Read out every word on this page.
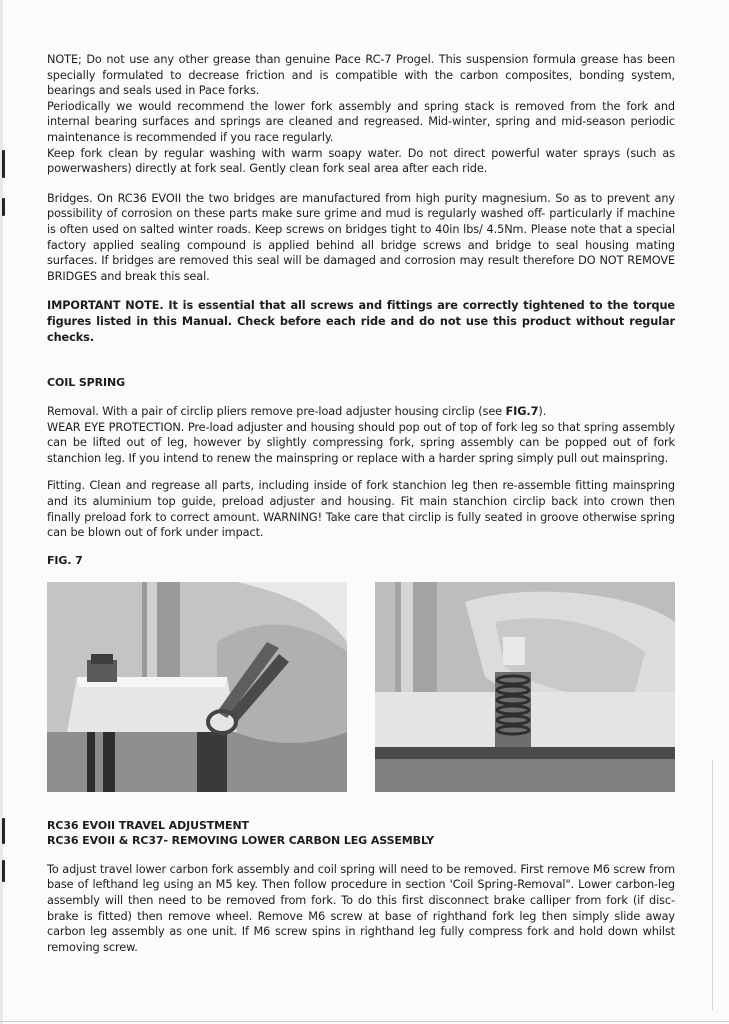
NOTE; Do not use any other grease than genuine Pace RC-7 Progel. This suspension formula grease has been specially formulated to decrease friction and is compatible with the carbon composites, bonding system, bearings and seals used in Pace forks.

Periodically we would recommend the lower fork assembly and spring stack is removed from the fork and internal bearing surfaces and springs are cleaned and regreased. Mid-winter, spring and mid-season periodic maintenance is recommended if you race regularly.

Keep fork clean by regular washing with warm soapy water. Do not direct powerful water sprays (such as powerwashers) directly at fork seal. Gently clean fork seal area after each ride.

Bridges. On RC36 EVOII the two bridges are manufactured from high purity magnesium. So as to prevent any possibility of corrosion on these parts make sure grime and mud is regularly washed off- particularly if machine is often used on salted winter roads. Keep screws on bridges tight to 40in lbs/ 4.5Nm. Please note that a special factory applied sealing compound is applied behind all bridge screws and bridge to seal housing mating surfaces. If bridges are removed this seal will be damaged and corrosion may result therefore DO NOT REMOVE BRIDGES and break this seal.

IMPORTANT NOTE. It is essential that all screws and fittings are correctly tightened to the torque figures listed in this Manual. Check before each ride and do not use this product without regular checks.

COIL SPRING

Removal. With a pair of circlip pliers remove pre-load adjuster housing circlip (see FIG.7).

WEAR EYE PROTECTION. Pre-load adjuster and housing should pop out of top of fork leg so that spring assembly can be lifted out of leg, however by slightly compressing fork, spring assembly can be popped out of fork stanchion leg. If you intend to renew the mainspring or replace with a harder spring simply pull out mainspring.

Fitting. Clean and regrease all parts, including inside of fork stanchion leg then re-assemble fitting mainspring and its aluminium top guide, preload adjuster and housing. Fit main stanchion circlip back into crown then finally preload fork to correct amount. WARNING! Take care that circlip is fully seated in groove otherwise spring can be blown out of fork under impact.

FIG. 7
RC36 EVOII TRAVEL ADJUSTMENT
RC36 EVOII & RC37- REMOVING LOWER CARBON LEG ASSEMBLY

To adjust travel lower carbon fork assembly and coil spring will need to be removed. First remove M6 screw from base of lefthand leg using an M5 key. Then follow procedure in section 'Coil Spring-Removal". Lower carbon-leg assembly will then need to be removed from fork. To do this first disconnect brake calliper from fork (if disc-brake is fitted) then remove wheel. Remove M6 screw at base of righthand fork leg then simply slide away carbon leg assembly as one unit. If M6 screw spins in righthand leg fully compress fork and hold down whilst removing screw.
